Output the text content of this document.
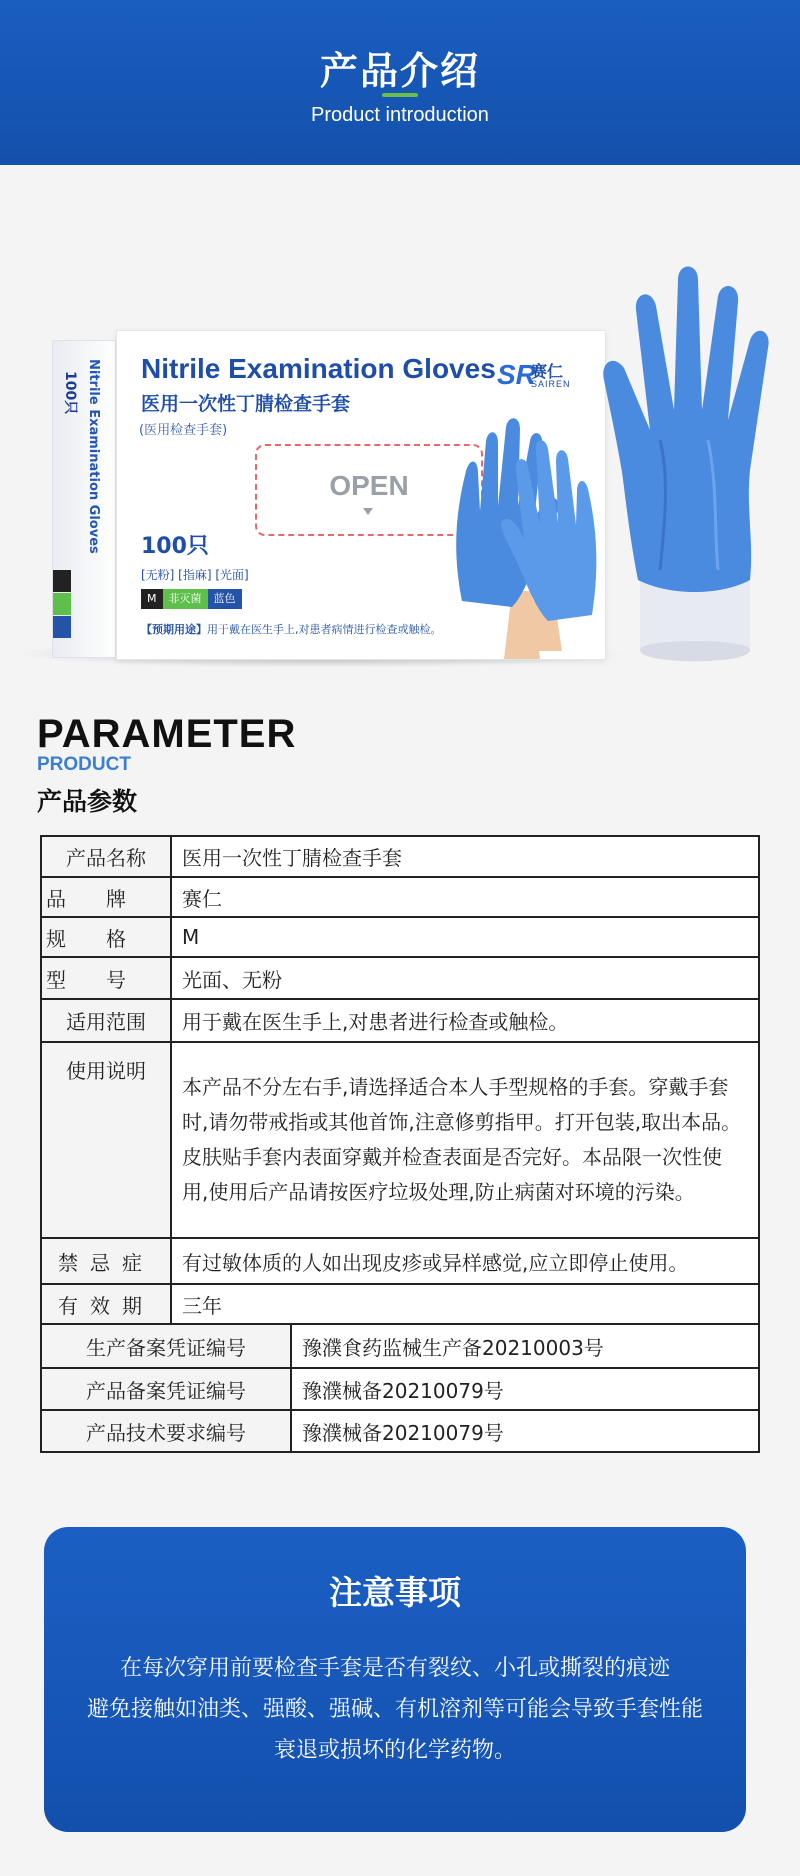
产品介绍
Product introduction
100只 Nitrile Examination Gloves Nitrile Examination Gloves
医用一次性丁腈检查手套
(医用检查手套)
SR
赛仁
SAIREN
OPEN
100只
[无粉] [指麻] [光面]
M 非灭菌 蓝色
【预期用途】用于戴在医生手上,对患者病情进行检查或触检。
PARAMETER
PRODUCT
产品参数
产品名称	医用一次性丁腈检查手套	
品牌	赛仁	
规格	M	
型号	光面、无粉	
适用范围	用于戴在医生手上,对患者进行检查或触检。	
使用说明	本产品不分左右手,请选择适合本人手型规格的手套。穿戴手套时,请勿带戒指或其他首饰,注意修剪指甲。打开包装,取出本品。皮肤贴手套内表面穿戴并检查表面是否完好。本品限一次性使用,使用后产品请按医疗垃圾处理,防止病菌对环境的污染。	
禁忌症	有过敏体质的人如出现皮疹或异样感觉,应立即停止使用。	
有效期	三年	
生产备案凭证编号		豫濮食药监械生产备20210003号
产品备案凭证编号		豫濮械备20210079号
产品技术要求编号		豫濮械备20210079号
注意事项
在每次穿用前要检查手套是否有裂纹、小孔或撕裂的痕迹
避免接触如油类、强酸、强碱、有机溶剂等可能会导致手套性能
衰退或损坏的化学药物。
